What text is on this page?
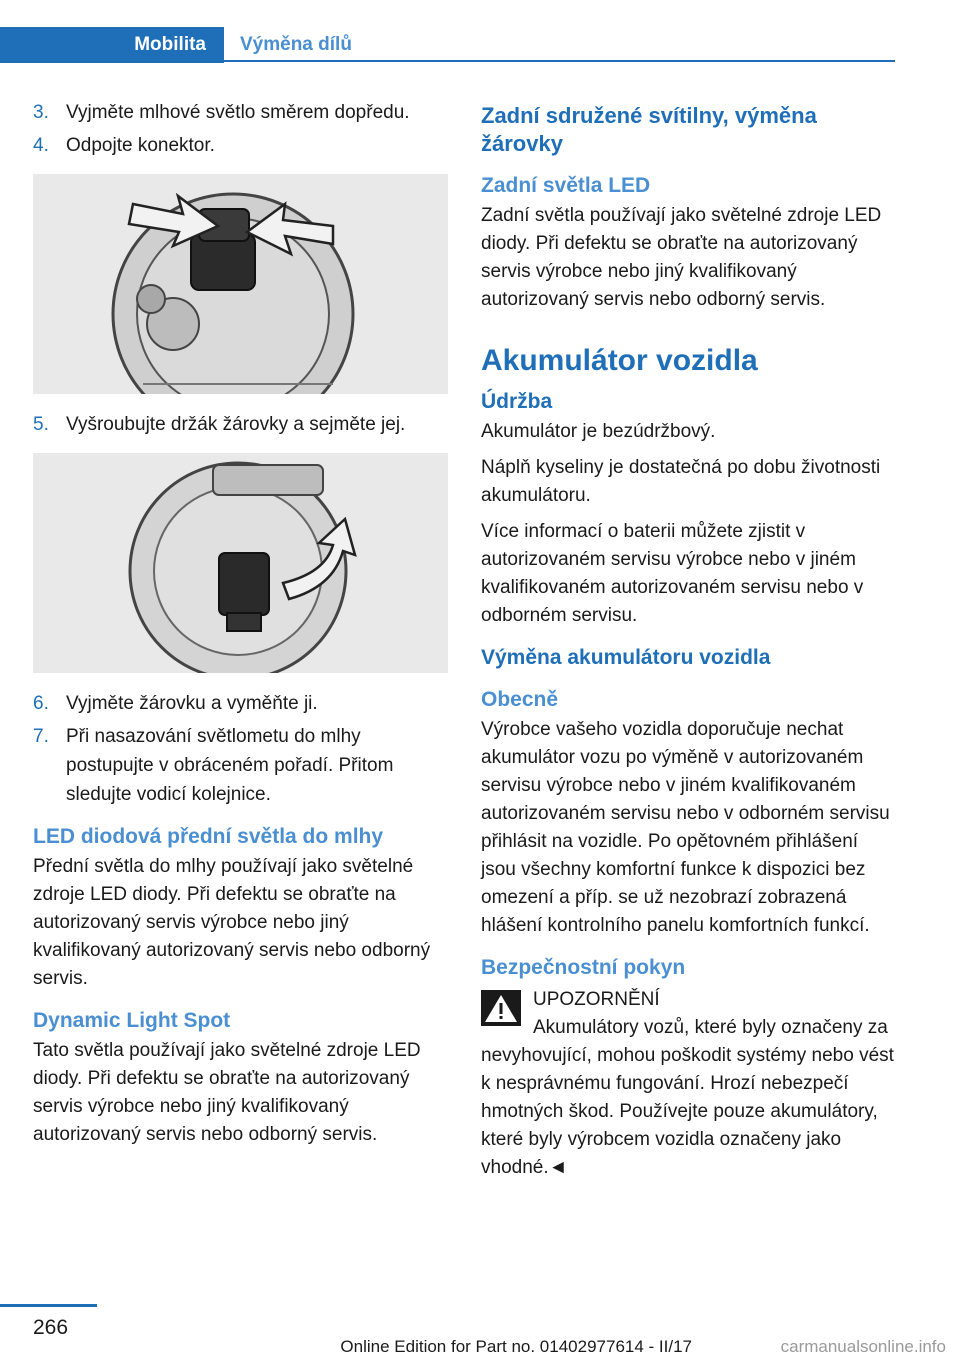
Mobilita	Výměna dílů
3. Vyjměte mlhové světlo směrem dopředu.
4. Odpojte konektor.
5. Vyšroubujte držák žárovky a sejměte jej.
6. Vyjměte žárovku a vyměňte ji.
7. Při nasazování světlometu do mlhy postupujte v obráceném pořadí. Přitom sledujte vodicí kolejnice.
LED diodová přední světla do mlhy

Přední světla do mlhy používají jako světelné zdroje LED diody. Při defektu se obraťte na autorizovaný servis výrobce nebo jiný kvalifikovaný autorizovaný servis nebo odborný servis.

Dynamic Light Spot

Tato světla používají jako světelné zdroje LED diody. Při defektu se obraťte na autorizovaný servis výrobce nebo jiný kvalifikovaný autorizovaný servis nebo odborný servis.

Zadní sdružené svítilny, výměna žárovky
Zadní světla LED

Zadní světla používají jako světelné zdroje LED diody. Při defektu se obraťte na autorizovaný servis výrobce nebo jiný kvalifikovaný autorizovaný servis nebo odborný servis.

Akumulátor vozidla
Údržba

Akumulátor je bezúdržbový.

Náplň kyseliny je dostatečná po dobu životnosti akumulátoru.

Více informací o baterii můžete zjistit v autorizovaném servisu výrobce nebo v jiném kvalifikovaném autorizovaném servisu nebo v odborném servisu.

Výměna akumulátoru vozidla
Obecně

Výrobce vašeho vozidla doporučuje nechat akumulátor vozu po výměně v autorizovaném servisu výrobce nebo v jiném kvalifikovaném autorizovaném servisu nebo v odborném servisu přihlásit na vozidle. Po opětovném přihlášení jsou všechny komfortní funkce k dispozici bez omezení a příp. se už nezobrazí zobrazená hlášení kontrolního panelu komfortních funkcí.

Bezpečnostní pokyn
UPOZORNĚNÍ

Akumulátory vozů, které byly označeny za nevyhovující, mohou poškodit systémy nebo vést k nesprávnému fungování. Hrozí nebezpečí hmotných škod. Používejte pouze akumulátory, které byly výrobcem vozidla označeny jako vhodné.◄

266
Online Edition for Part no. 01402977614 - II/17	carmanualsonline.info
